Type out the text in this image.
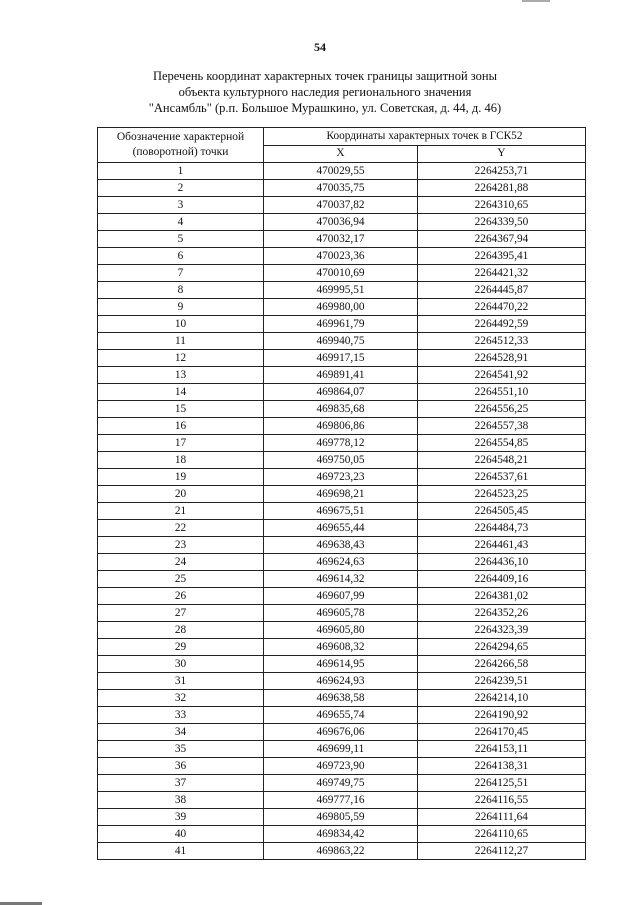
54
Перечень координат характерных точек границы защитной зоны
объекта культурного наследия регионального значения
"Ансамбль" (р.п. Большое Мурашкино, ул. Советская, д. 44, д. 46)
Обозначение характерной (поворотной) точки	Координаты характерных точек в ГСК52	
	X	Y
1	470029,55	2264253,71
2	470035,75	2264281,88
3	470037,82	2264310,65
4	470036,94	2264339,50
5	470032,17	2264367,94
6	470023,36	2264395,41
7	470010,69	2264421,32
8	469995,51	2264445,87
9	469980,00	2264470,22
10	469961,79	2264492,59
11	469940,75	2264512,33
12	469917,15	2264528,91
13	469891,41	2264541,92
14	469864,07	2264551,10
15	469835,68	2264556,25
16	469806,86	2264557,38
17	469778,12	2264554,85
18	469750,05	2264548,21
19	469723,23	2264537,61
20	469698,21	2264523,25
21	469675,51	2264505,45
22	469655,44	2264484,73
23	469638,43	2264461,43
24	469624,63	2264436,10
25	469614,32	2264409,16
26	469607,99	2264381,02
27	469605,78	2264352,26
28	469605,80	2264323,39
29	469608,32	2264294,65
30	469614,95	2264266,58
31	469624,93	2264239,51
32	469638,58	2264214,10
33	469655,74	2264190,92
34	469676,06	2264170,45
35	469699,11	2264153,11
36	469723,90	2264138,31
37	469749,75	2264125,51
38	469777,16	2264116,55
39	469805,59	2264111,64
40	469834,42	2264110,65
41	469863,22	2264112,27
